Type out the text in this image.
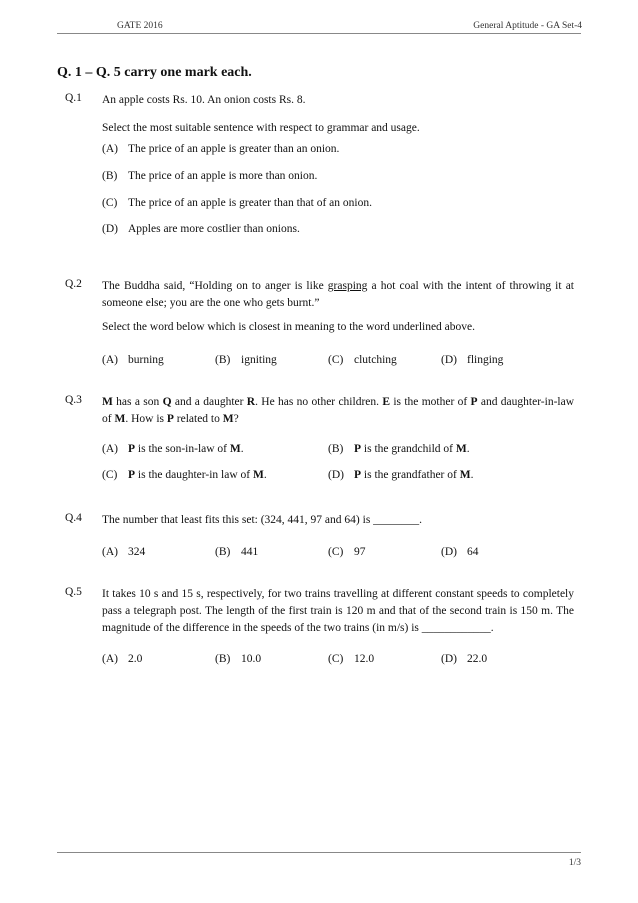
GATE 2016	General Aptitude - GA Set-4
Q. 1 – Q. 5 carry one mark each.
Q.1 An apple costs Rs. 10. An onion costs Rs. 8.
Select the most suitable sentence with respect to grammar and usage.
(A) The price of an apple is greater than an onion.
(B) The price of an apple is more than onion.
(C) The price of an apple is greater than that of an onion.
(D) Apples are more costlier than onions.
Q.2 The Buddha said, “Holding on to anger is like grasping a hot coal with the intent of throwing it at someone else; you are the one who gets burnt.”
Select the word below which is closest in meaning to the word underlined above.
(A) burning	(B) igniting	(C) clutching	(D) flinging
Q.3 M has a son Q and a daughter R. He has no other children. E is the mother of P and daughter-in-law of M. How is P related to M?
(A) P is the son-in-law of M.	(B) P is the grandchild of M.
(C) P is the daughter-in law of M.	(D) P is the grandfather of M.
Q.4 The number that least fits this set: (324, 441, 97 and 64) is ________.
(A) 324	(B) 441	(C) 97	(D) 64
Q.5 It takes 10 s and 15 s, respectively, for two trains travelling at different constant speeds to completely pass a telegraph post. The length of the first train is 120 m and that of the second train is 150 m. The magnitude of the difference in the speeds of the two trains (in m/s) is ____________.
(A) 2.0	(B) 10.0	(C) 12.0	(D) 22.0
1/3
